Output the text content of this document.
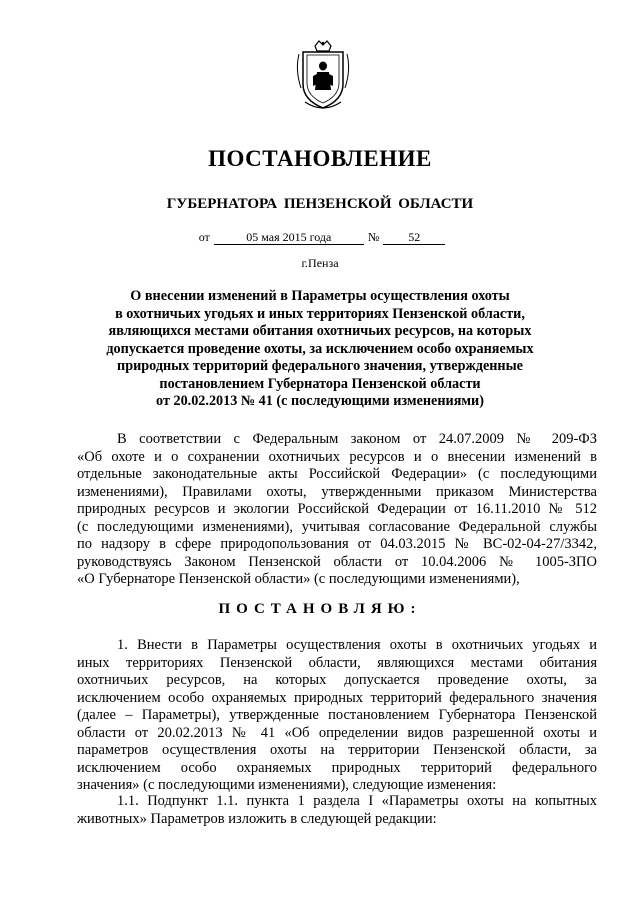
ПОСТАНОВЛЕНИЕ
ГУБЕРНАТОРА ПЕНЗЕНСКОЙ ОБЛАСТИ
от	05 мая 2015 года	№ 52
г.Пенза
О внесении изменений в Параметры осуществления охоты
в охотничьих угодьях и иных территориях Пензенской области,
являющихся местами обитания охотничьих ресурсов, на которых
допускается проведение охоты, за исключением особо охраняемых
природных территорий федерального значения, утвержденные
постановлением Губернатора Пензенской области
от 20.02.2013 № 41 (с последующими изменениями)
В соответствии с Федеральным законом от 24.07.2009 № 209-ФЗ
«Об охоте и о сохранении охотничьих ресурсов и о внесении изменений в
отдельные законодательные акты Российской Федерации» (с последующими
изменениями), Правилами охоты, утвержденными приказом Министерства
природных ресурсов и экологии Российской Федерации от 16.11.2010 № 512
(с последующими изменениями), учитывая согласование Федеральной службы
по надзору в сфере природопользования от 04.03.2015 № ВС-02-04-27/3342,
руководствуясь Законом Пензенской области от 10.04.2006 № 1005-ЗПО
«О Губернаторе Пензенской области» (с последующими изменениями),
ПОСТАНОВЛЯЮ:
1. Внести в Параметры осуществления охоты в охотничьих угодьях и
иных территориях Пензенской области, являющихся местами обитания
охотничьих ресурсов, на которых допускается проведение охоты, за
исключением особо охраняемых природных территорий федерального значения
(далее – Параметры), утвержденные постановлением Губернатора Пензенской
области от 20.02.2013 № 41 «Об определении видов разрешенной охоты и
параметров осуществления охоты на территории Пензенской области, за
исключением особо охраняемых природных территорий федерального
значения» (с последующими изменениями), следующие изменения:
1.1. Подпункт 1.1. пункта 1 раздела I «Параметры охоты на копытных
животных» Параметров изложить в следующей редакции:
